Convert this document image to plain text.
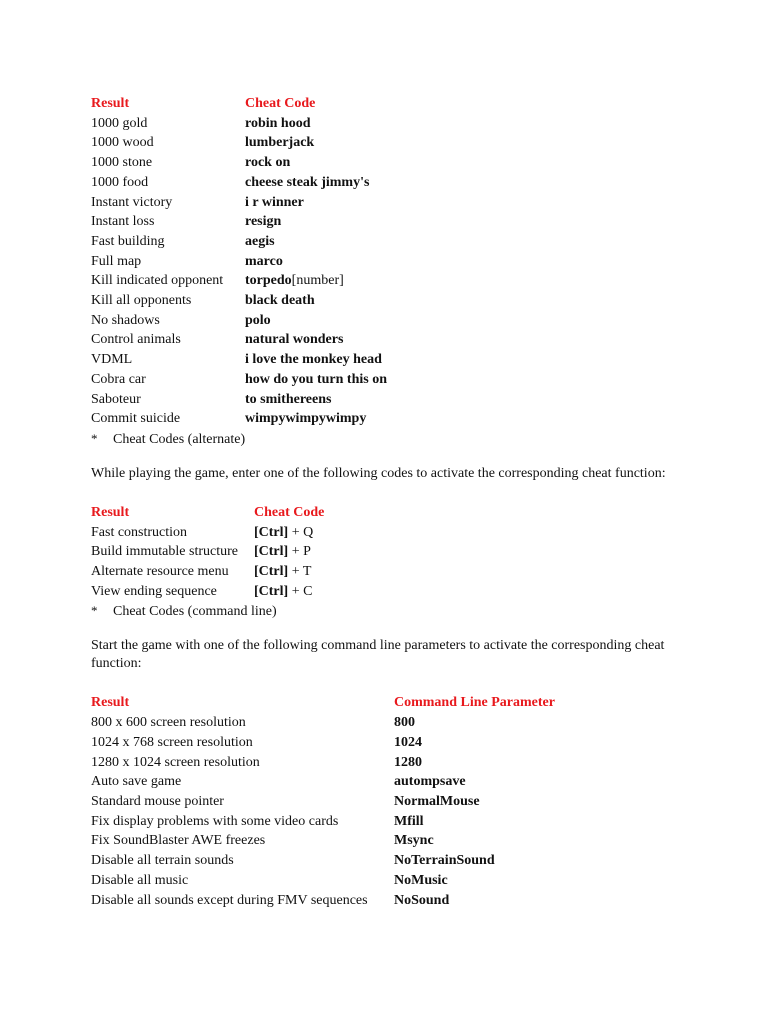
Result	Cheat Code
1000 gold	robin hood
1000 wood	lumberjack
1000 stone	rock on
1000 food	cheese steak jimmy's
Instant victory	i r winner
Instant loss	resign
Fast building	aegis
Full map	marco
Kill indicated opponent	torpedo[number]
Kill all opponents	black death
No shadows	polo
Control animals	natural wonders
VDML	i love the monkey head
Cobra car	how do you turn this on
Saboteur	to smithereens
Commit suicide	wimpywimpywimpy
* Cheat Codes (alternate)
While playing the game, enter one of the following codes to activate the corresponding cheat function:
Result	Cheat Code
Fast construction	[Ctrl] + Q
Build immutable structure	[Ctrl] + P
Alternate resource menu	[Ctrl] + T
View ending sequence	[Ctrl] + C
* Cheat Codes (command line)
Start the game with one of the following command line parameters to activate the corresponding cheat function:
Result	Command Line Parameter
800 x 600 screen resolution	800
1024 x 768 screen resolution	1024
1280 x 1024 screen resolution	1280
Auto save game	autompsave
Standard mouse pointer	NormalMouse
Fix display problems with some video cards	Mfill
Fix SoundBlaster AWE freezes	Msync
Disable all terrain sounds	NoTerrainSound
Disable all music	NoMusic
Disable all sounds except during FMV sequences	NoSound
